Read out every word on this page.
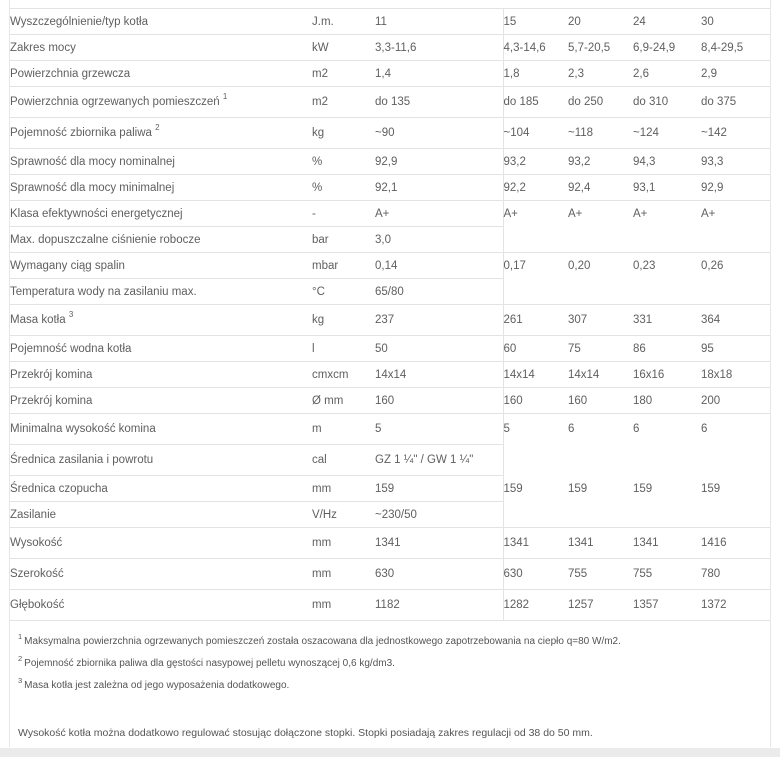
Wyszczególnienie/typ kotła	J.m.	11	15	20	24	30
Zakres mocy	kW	3,3-11,6	4,3-14,6	5,7-20,5	6,9-24,9	8,4-29,5
Powierzchnia grzewcza	m2	1,4	1,8	2,3	2,6	2,9
Powierzchnia ogrzewanych pomieszczeń $^1$	m2	do 135	do 185	do 250	do 310	do 375
Pojemność zbiornika paliwa $^2$	kg	~90	~104	~118	~124	~142
Sprawność dla mocy nominalnej	%	92,9	93,2	93,2	94,3	93,3
Sprawność dla mocy minimalnej	%	92,1	92,2	92,4	93,1	92,9
Klasa efektywności energetycznej	-	A+	A+	A+	A+	A+
Max. dopuszczalne ciśnienie robocze	bar	3,0				
Wymagany ciąg spalin	mbar	0,14	0,17	0,20	0,23	0,26
Temperatura wody na zasilaniu max.	°C	65/80				
Masa kotła $^3$	kg	237	261	307	331	364
Pojemność wodna kotła	l	50	60	75	86	95
Przekrój komina	cmxcm	14x14	14x14	14x14	16x16	18x18
Przekrój komina	Ø mm	160	160	160	180	200
Minimalna wysokość komina	m	5	5	6	6	6
Średnica zasilania i powrotu	cal	GZ 1 ¼" / GW 1 ¼"				
Średnica czopucha	mm	159	159	159	159	159
Zasilanie	V/Hz	~230/50				
Wysokość	mm	1341	1341	1341	1341	1416
Szerokość	mm	630	630	755	755	780
Głębokość	mm	1182	1282	1257	1357	1372
$^1$ Maksymalna powierzchnia ogrzewanych pomieszczeń została oszacowana dla jednostkowego zapotrzebowania na ciepło q=80 W/m2.
$^2$ Pojemność zbiornika paliwa dla gęstości nasypowej pelletu wynoszącej 0,6 kg/dm3.
$^3$ Masa kotła jest zależna od jego wyposażenia dodatkowego.
Wysokość kotła można dodatkowo regulować stosując dołączone stopki. Stopki posiadają zakres regulacji od 38 do 50 mm.
